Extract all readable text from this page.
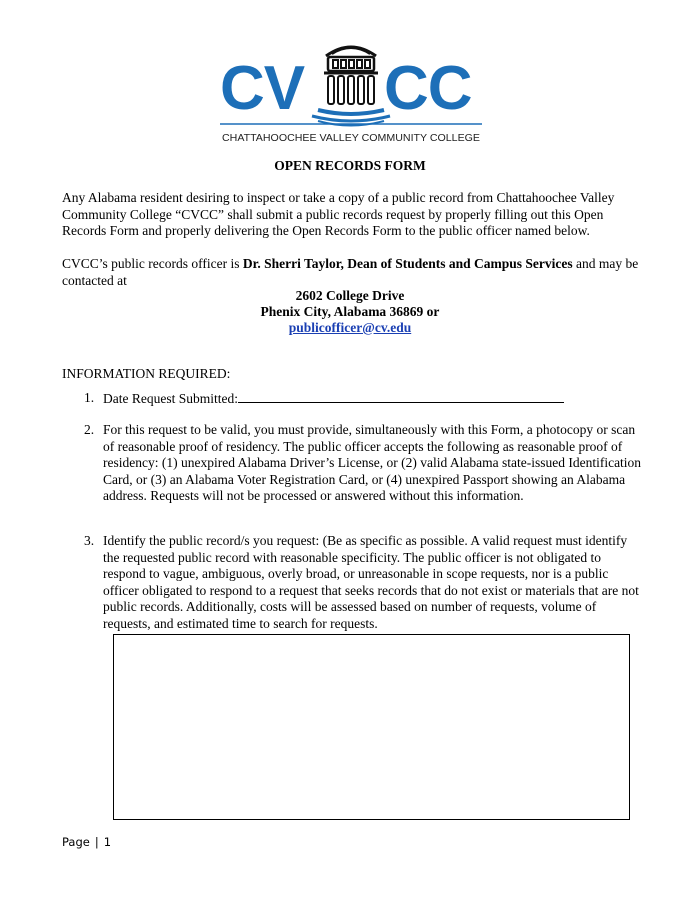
CV CC
CHATTAHOOCHEE VALLEY COMMUNITY COLLEGE
OPEN RECORDS FORM
Any Alabama resident desiring to inspect or take a copy of a public record from Chattahoochee Valley Community College “CVCC” shall submit a public records request by properly filling out this Open Records Form and properly delivering the Open Records Form to the public officer named below.
CVCC’s public records officer is Dr. Sherri Taylor, Dean of Students and Campus Services and may be contacted at
2602 College Drive
Phenix City, Alabama 36869 or
publicofficer@cv.edu
INFORMATION REQUIRED:
1. Date Request Submitted:
2. For this request to be valid, you must provide, simultaneously with this Form, a photocopy or scan of reasonable proof of residency. The public officer accepts the following as reasonable proof of residency: (1) unexpired Alabama Driver’s License, or (2) valid Alabama state-issued Identification Card, or (3) an Alabama Voter Registration Card, or (4) unexpired Passport showing an Alabama address. Requests will not be processed or answered without this information.
3. Identify the public record/s you request: (Be as specific as possible. A valid request must identify the requested public record with reasonable specificity. The public officer is not obligated to respond to vague, ambiguous, overly broad, or unreasonable in scope requests, nor is a public officer obligated to respond to a request that seeks records that do not exist or materials that are not public records. Additionally, costs will be assessed based on number of requests, volume of requests, and estimated time to search for requests.
Page | 1
